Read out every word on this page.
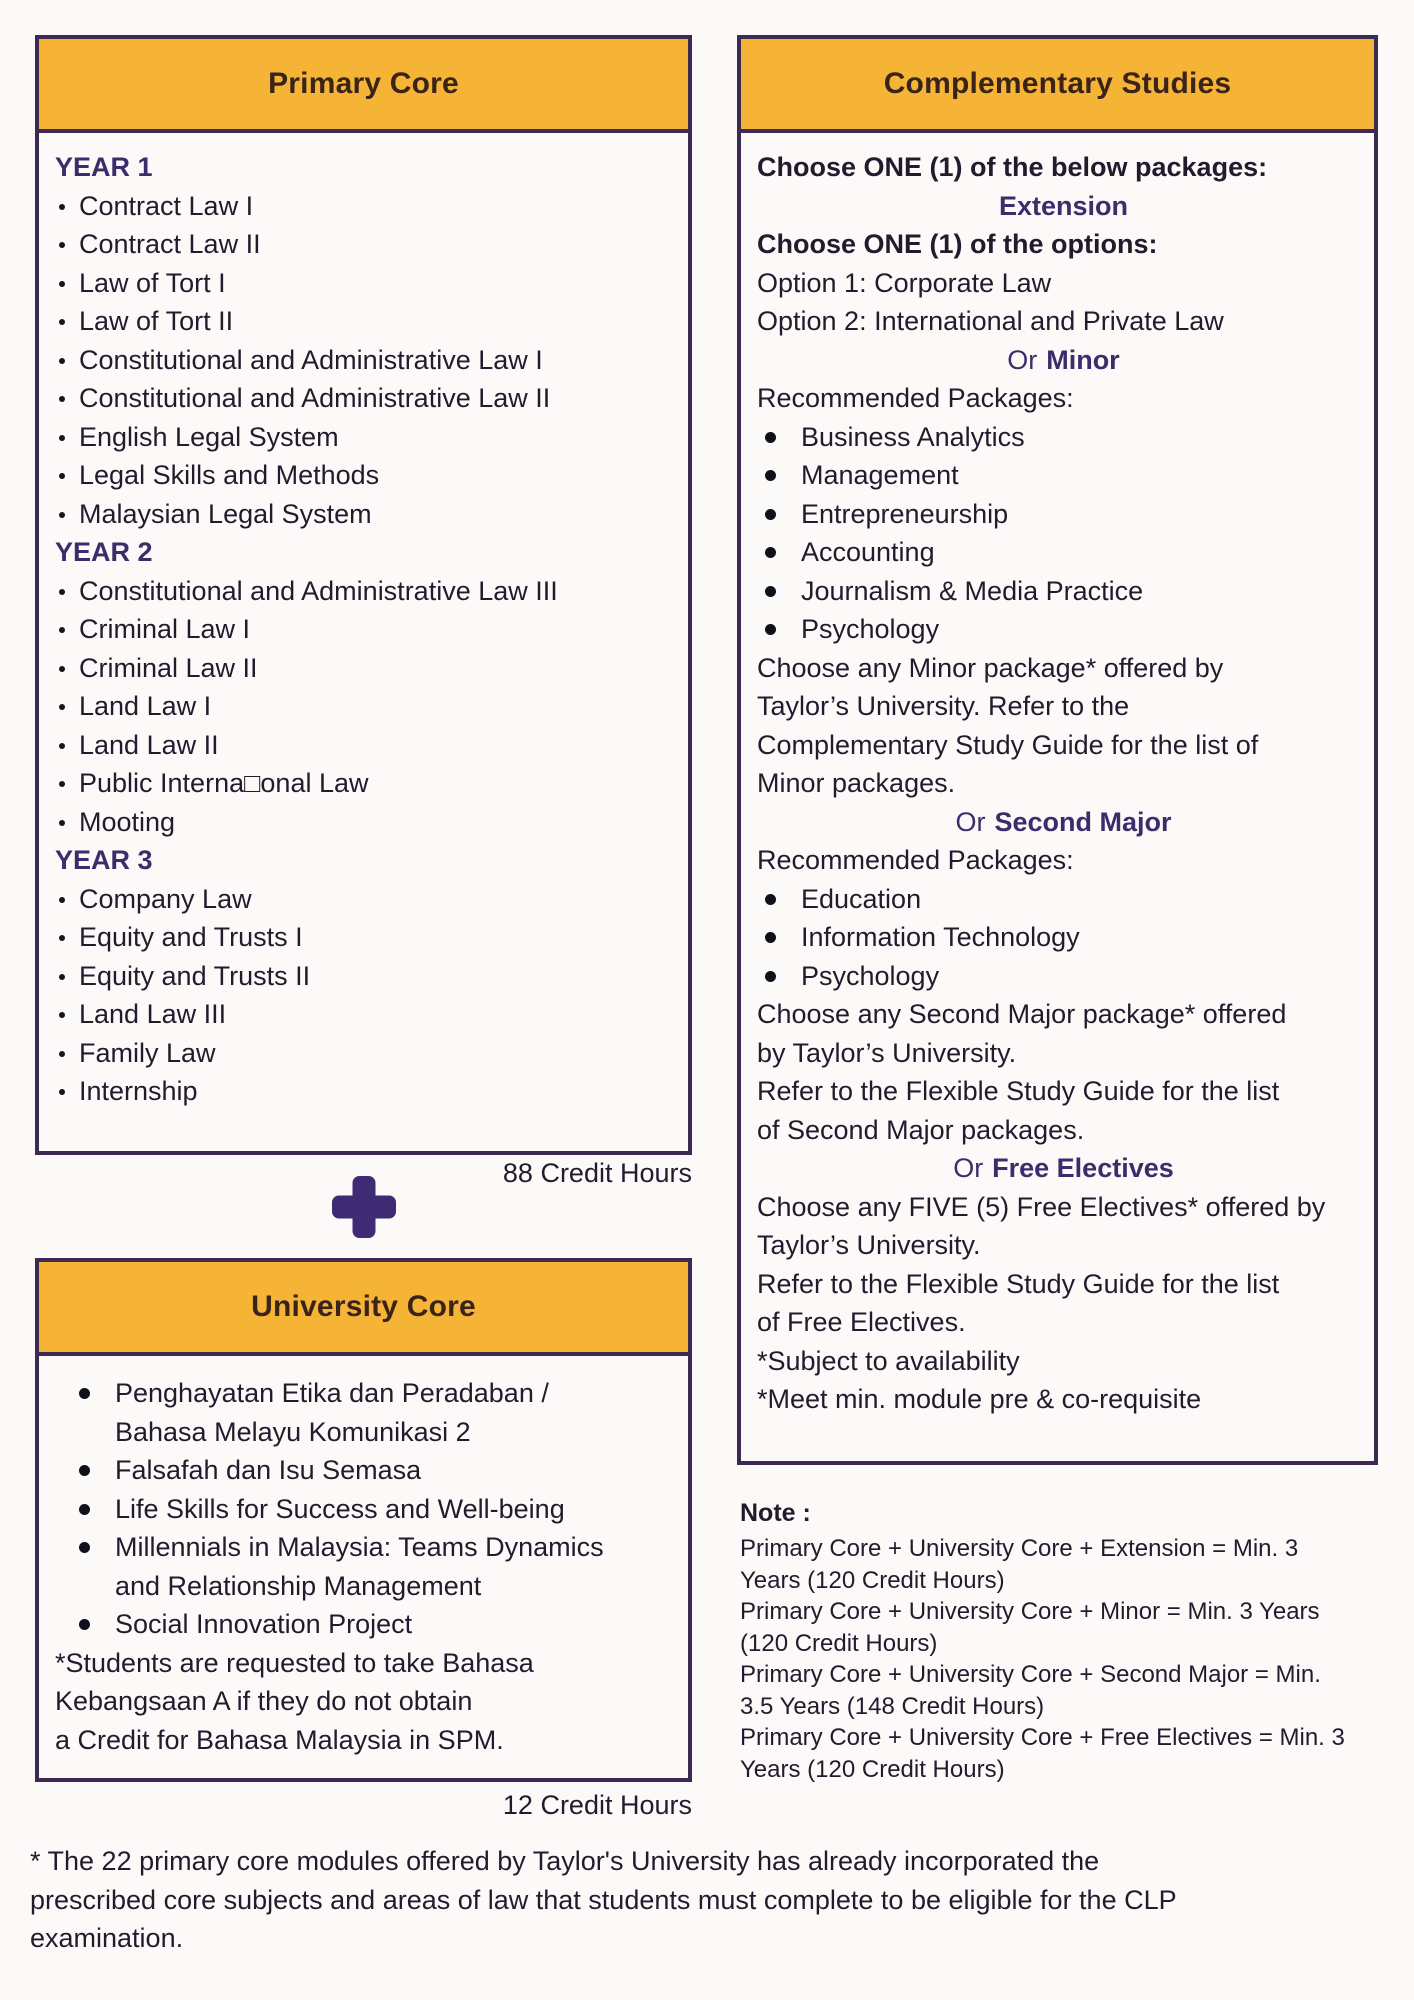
Primary Core
YEAR 1
Contract Law I
Contract Law II
Law of Tort I
Law of Tort II
Constitutional and Administrative Law I
Constitutional and Administrative Law II
English Legal System
Legal Skills and Methods
Malaysian Legal System
YEAR 2
Constitutional and Administrative Law III
Criminal Law I
Criminal Law II
Land Law I
Land Law II
Public Interna□onal Law
Mooting
YEAR 3
Company Law
Equity and Trusts I
Equity and Trusts II
Land Law III
Family Law
Internship
88 Credit Hours
University Core
Penghayatan Etika dan Peradaban /
Bahasa Melayu Komunikasi 2
Falsafah dan Isu Semasa
Life Skills for Success and Well-being
Millennials in Malaysia: Teams Dynamics
and Relationship Management
Social Innovation Project
*Students are requested to take Bahasa
Kebangsaan A if they do not obtain
a Credit for Bahasa Malaysia in SPM.
12 Credit Hours
Complementary Studies
Choose ONE (1) of the below packages:
Extension
Choose ONE (1) of the options:
Option 1: Corporate Law
Option 2: International and Private Law
Or Minor
Recommended Packages:
Business Analytics
Management
Entrepreneurship
Accounting
Journalism & Media Practice
Psychology
Choose any Minor package* offered by
Taylor’s University. Refer to the
Complementary Study Guide for the list of
Minor packages.
Or Second Major
Recommended Packages:
Education
Information Technology
Psychology
Choose any Second Major package* offered
by Taylor’s University.
Refer to the Flexible Study Guide for the list
of Second Major packages.
Or Free Electives
Choose any FIVE (5) Free Electives* offered by
Taylor’s University.
Refer to the Flexible Study Guide for the list
of Free Electives.
*Subject to availability
*Meet min. module pre & co-requisite
Note :

Primary Core + University Core + Extension = Min. 3

Years (120 Credit Hours)

Primary Core + University Core + Minor = Min. 3 Years

(120 Credit Hours)

Primary Core + University Core + Second Major = Min.

3.5 Years (148 Credit Hours)

Primary Core + University Core + Free Electives = Min. 3

Years (120 Credit Hours)

* The 22 primary core modules offered by Taylor's University has already incorporated the

prescribed core subjects and areas of law that students must complete to be eligible for the CLP

examination.
